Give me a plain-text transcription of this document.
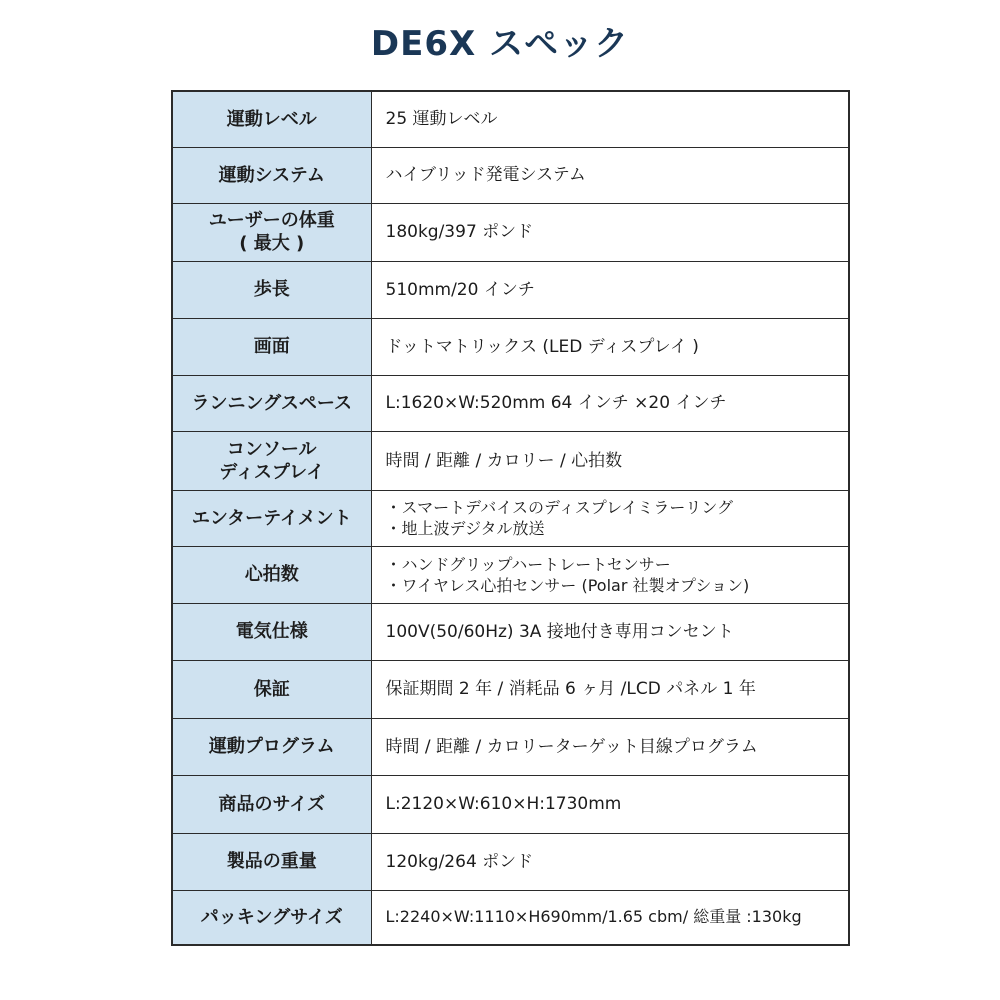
DE6X スペック
運動レベル	25 運動レベル

運動システム	ハイブリッド発電システム

ユーザーの体重
( 最大 )	180kg/397 ポンド

歩長	510mm/20 インチ

画面	ドットマトリックス (LED ディスプレイ )

ランニングスペース	L:1620×W:520mm 64 インチ ×20 インチ

コンソール
ディスプレイ	時間 / 距離 / カロリー / 心拍数

エンターテイメント	・スマートデバイスのディスプレイミラーリング
・地上波デジタル放送

心拍数	・ハンドグリップハートレートセンサー
・ワイヤレス心拍センサー (Polar 社製オプション)

電気仕様	100V(50/60Hz) 3A 接地付き専用コンセント

保証	保証期間 2 年 / 消耗品 6 ヶ月 /LCD パネル 1 年

運動プログラム	時間 / 距離 / カロリーターゲット目線プログラム

商品のサイズ	L:2120×W:610×H:1730mm

製品の重量	120kg/264 ポンド

パッキングサイズ	L:2240×W:1110×H690mm/1.65 cbm/ 総重量 :130kg
